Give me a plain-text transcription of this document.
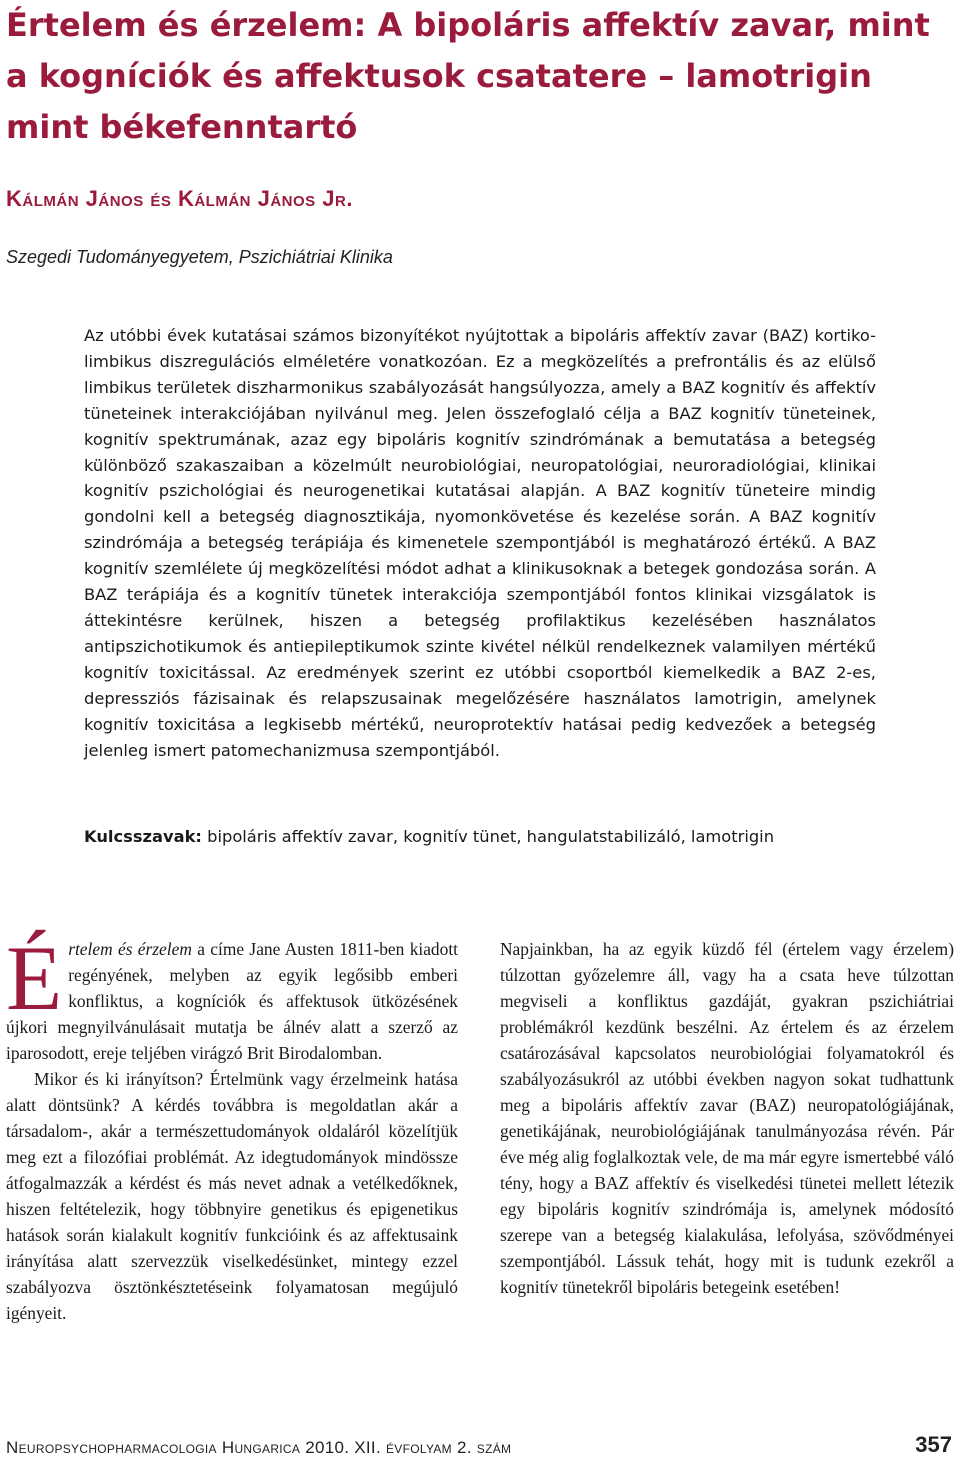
Értelem és érzelem: A bipoláris affektív zavar, mint a kogníciók és affektusok csatatere – lamotrigin mint békefenntartó
Kálmán János és Kálmán János Jr.
Szegedi Tudományegyetem, Pszichiátriai Klinika

Az utóbbi évek kutatásai számos bizonyítékot nyújtottak a bipoláris affektív zavar (BAZ) kortiko-limbikus diszregulációs elméletére vonatkozóan. Ez a megközelítés a prefrontális és az elülső limbikus területek diszharmonikus szabályozását hangsúlyozza, amely a BAZ kognitív és affektív tüneteinek interakciójában nyilvánul meg. Jelen összefoglaló célja a BAZ kognitív tüneteinek, kognitív spektrumának, azaz egy bipoláris kognitív szindrómának a bemutatása a betegség különböző szakaszaiban a közelmúlt neurobiológiai, neuropatológiai, neuroradiológiai, klinikai kognitív pszichológiai és neurogenetikai kutatásai alapján. A BAZ kognitív tüneteire mindig gondolni kell a betegség diagnosztikája, nyomonkövetése és kezelése során. A BAZ kognitív szindrómája a betegség terápiája és kimenetele szempontjából is meghatározó értékű. A BAZ kognitív szemlélete új megközelítési módot adhat a klinikusoknak a betegek gondozása során. A BAZ terápiája és a kognitív tünetek interakciója szempontjából fontos klinikai vizsgálatok is áttekintésre kerülnek, hiszen a betegség profilaktikus kezelésében használatos antipszichotikumok és antiepileptikumok szinte kivétel nélkül rendelkeznek valamilyen mértékű kognitív toxicitással. Az eredmények szerint ez utóbbi csoportból kiemelkedik a BAZ 2-es, depressziós fázisainak és relapszusainak megelőzésére használatos lamotrigin, amelynek kognitív toxicitása a legkisebb mértékű, neuroprotektív hatásai pedig kedvezőek a betegség jelenleg ismert patomechanizmusa szempontjából.

Kulcsszavak: bipoláris affektív zavar, kognitív tünet, hangulatstabilizáló, lamotrigin

Értelem és érzelem a címe Jane Austen 1811-ben kiadott regényének, melyben az egyik legősibb emberi konfliktus, a kogníciók és affektusok ütközésének újkori megnyilvánulásait mutatja be álnév alatt a szerző az iparosodott, ereje teljében virágzó Brit Birodalomban.

Mikor és ki irányítson? Értelmünk vagy érzelmeink hatása alatt döntsünk? A kérdés továbbra is megoldatlan akár a társadalom-, akár a természettudományok oldaláról közelítjük meg ezt a filozófiai problémát. Az idegtudományok mindössze átfogalmazzák a kérdést és más nevet adnak a vetélkedőknek, hiszen feltételezik, hogy többnyire genetikus és epigenetikus hatások során kialakult kognitív funkcióink és az affektusaink irányítása alatt szervezzük viselkedésünket, mintegy ezzel szabályozva ösztönkésztetéseink folyamatosan megújuló igényeit.

Napjainkban, ha az egyik küzdő fél (értelem vagy érzelem) túlzottan győzelemre áll, vagy ha a csata heve túlzottan megviseli a konfliktus gazdáját, gyakran pszichiátriai problémákról kezdünk beszélni. Az értelem és az érzelem csatározásával kapcsolatos neurobiológiai folyamatokról és szabályozásukról az utóbbi években nagyon sokat tudhattunk meg a bipoláris affektív zavar (BAZ) neuropatológiájának, genetikájának, neurobiológiájának tanulmányozása révén. Pár éve még alig foglalkoztak vele, de ma már egyre ismertebbé váló tény, hogy a BAZ affektív és viselkedési tünetei mellett létezik egy bipoláris kognitív szindrómája is, amelynek módosító szerepe van a betegség kialakulása, lefolyása, szövődményei szempontjából. Lássuk tehát, hogy mit is tudunk ezekről a kognitív tünetekről bipoláris betegeink esetében!

Neuropsychopharmacologia Hungarica 2010. XII. évfolyam 2. szám	357
